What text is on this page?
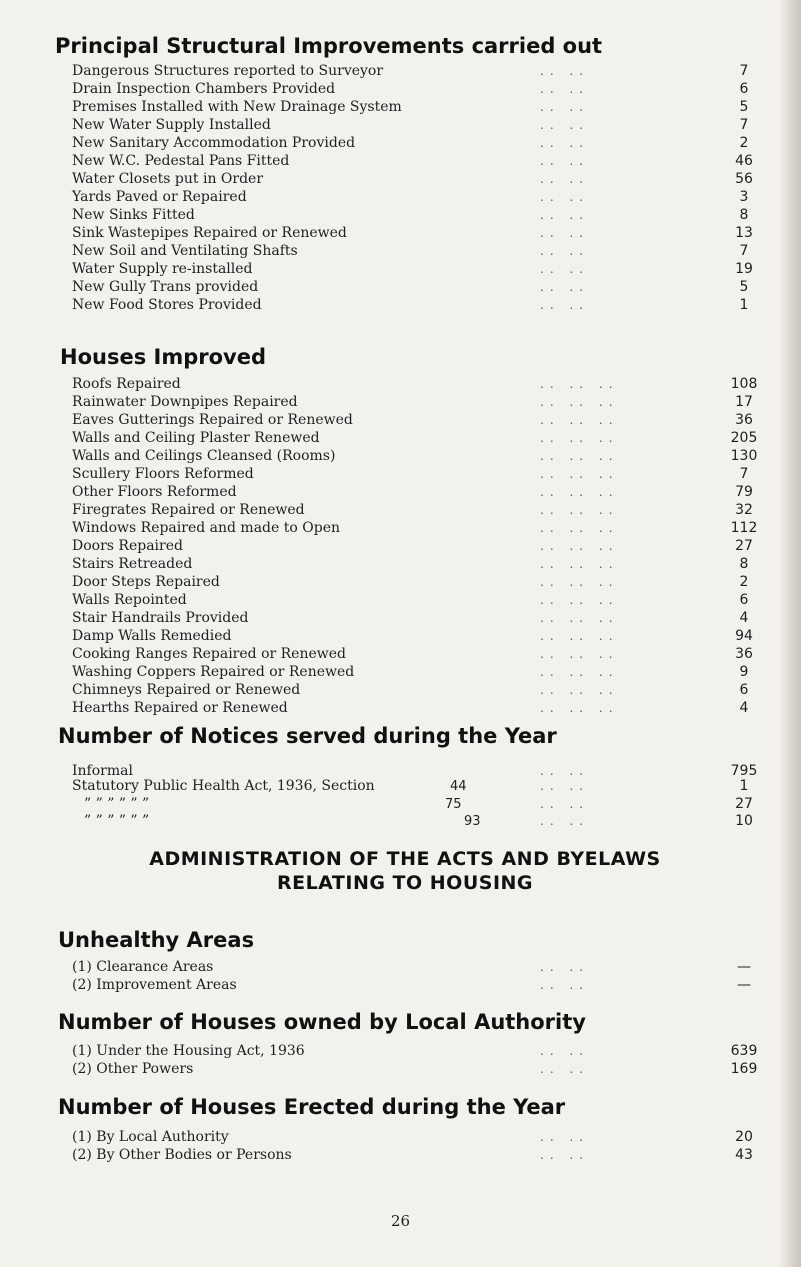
Principal Structural Improvements carried out
Dangerous Structures reported to Surveyor	.. ..	7
Drain Inspection Chambers Provided	.. ..	6
Premises Installed with New Drainage System	.. ..	5
New Water Supply Installed	.. ..	7
New Sanitary Accommodation Provided	.. ..	2
New W.C. Pedestal Pans Fitted	.. ..	46
Water Closets put in Order	.. ..	56
Yards Paved or Repaired	.. ..	3
New Sinks Fitted	.. ..	8
Sink Wastepipes Repaired or Renewed	.. ..	13
New Soil and Ventilating Shafts	.. ..	7
Water Supply re-installed	.. ..	19
New Gully Trans provided	.. ..	5
New Food Stores Provided	.. ..	1
Houses Improved
Roofs Repaired	.. .. ..	108
Rainwater Downpipes Repaired	.. .. ..	17
Eaves Gutterings Repaired or Renewed	.. .. ..	36
Walls and Ceiling Plaster Renewed	.. .. ..	205
Walls and Ceilings Cleansed (Rooms)	.. .. ..	130
Scullery Floors Reformed	.. .. ..	7
Other Floors Reformed	.. .. ..	79
Firegrates Repaired or Renewed	.. .. ..	32
Windows Repaired and made to Open	.. .. ..	112
Doors Repaired	.. .. ..	27
Stairs Retreaded	.. .. ..	8
Door Steps Repaired	.. .. ..	2
Walls Repointed	.. .. ..	6
Stair Handrails Provided	.. .. ..	4
Damp Walls Remedied	.. .. ..	94
Cooking Ranges Repaired or Renewed	.. .. ..	36
Washing Coppers Repaired or Renewed	.. .. ..	9
Chimneys Repaired or Renewed	.. .. ..	6
Hearths Repaired or Renewed	.. .. ..	4
Number of Notices served during the Year
Informal	.. ..	795
Statutory Public Health Act, 1936, Section	44	.. ..	1
” ” ” ” ” ”	75	.. ..	27
” ” ” ” ” ”	93	.. ..	10
ADMINISTRATION OF THE ACTS AND BYELAWS
RELATING TO HOUSING
Unhealthy Areas
(1) Clearance Areas	.. ..	—
(2) Improvement Areas	.. ..	—
Number of Houses owned by Local Authority
(1) Under the Housing Act, 1936	.. ..	639
(2) Other Powers	.. ..	169
Number of Houses Erected during the Year
(1) By Local Authority	.. ..	20
(2) By Other Bodies or Persons	.. ..	43
26
